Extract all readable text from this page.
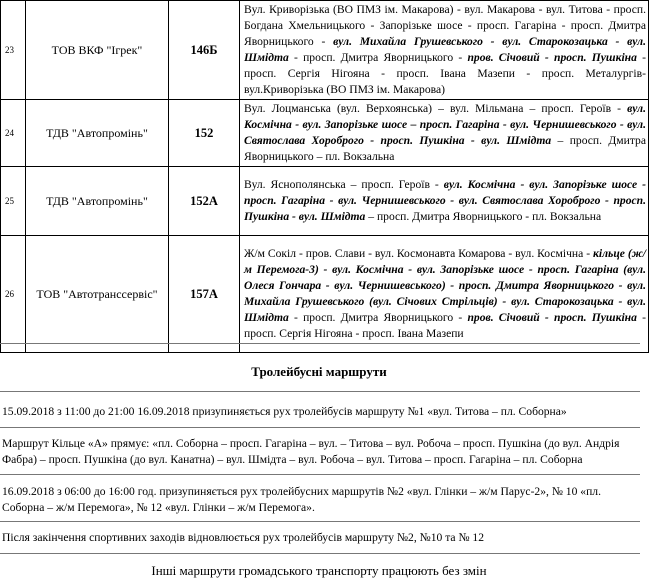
23	ТОВ ВКФ "Ігрек"	146Б	Вул. Криворізька (ВО ПМЗ ім. Макарова) - вул. Макарова - вул. Титова - просп. Богдана Хмельницького - Запорізьке шосе - просп. Гагаріна - просп. Дмитра Яворницького - вул. Михайла Грушевського - вул. Старокозацька - вул. Шмідта - просп. Дмитра Яворницького - пров. Січовий - просп. Пушкіна - просп. Сергія Нігояна - просп. Івана Мазепи - просп. Металургів-вул.Криворізька (ВО ПМЗ ім. Макарова)
24	ТДВ "Автопромінь"	152	Вул. Лоцманська (вул. Верхоянська) – вул. Мільмана – просп. Героїв - вул. Космічна - вул. Запорізьке шосе – просп. Гагаріна - вул. Чернишевського - вул. Святослава Хороброго - просп. Пушкіна - вул. Шмідта – просп. Дмитра Яворницького – пл. Вокзальна
25	ТДВ "Автопромінь"	152А	Вул. Яснополянська – просп. Героїв - вул. Космічна - вул. Запорізьке шосе - просп. Гагаріна - вул. Чернишевського - вул. Святослава Хороброго - просп. Пушкіна - вул. Шмідта – просп. Дмитра Яворницького - пл. Вокзальна
26	ТОВ "Автотранссервіс"	157А	Ж/м Сокіл - пров. Слави - вул. Космонавта Комарова - вул. Космічна - кільце (ж/м Перемога-3) - вул. Космічна - вул. Запорізьке шосе - просп. Гагаріна (вул. Олеся Гончара - вул. Чернишевського) - просп. Дмитра Яворницького - вул. Михайла Грушевського (вул. Січових Стрільців) - вул. Старокозацька - вул. Шмідта - просп. Дмитра Яворницького - пров. Січовий - просп. Пушкіна - просп. Сергія Нігояна - просп. Івана Мазепи
Тролейбусні маршрути
15.09.2018 з 11:00 до 21:00 16.09.2018 призупиняється рух тролейбусів маршруту №1 «вул. Титова – пл. Соборна»
Маршрут Кільце «А» прямує: «пл. Соборна – просп. Гагаріна – вул. – Титова – вул. Робоча – просп. Пушкіна (до вул. Андрія Фабра) – просп. Пушкіна (до вул. Канатна) – вул. Шмідта – вул. Робоча – вул. Титова – просп. Гагаріна – пл. Соборна
16.09.2018 з 06:00 до 16:00 год. призупиняється рух тролейбусних маршрутів №2 «вул. Глінки – ж/м Парус-2», № 10 «пл. Соборна – ж/м Перемога», № 12 «вул. Глінки – ж/м Перемога».
Після закінчення спортивних заходів відновлюється рух тролейбусів маршруту №2, №10 та № 12
Інші маршрути громадського транспорту працюють без змін
